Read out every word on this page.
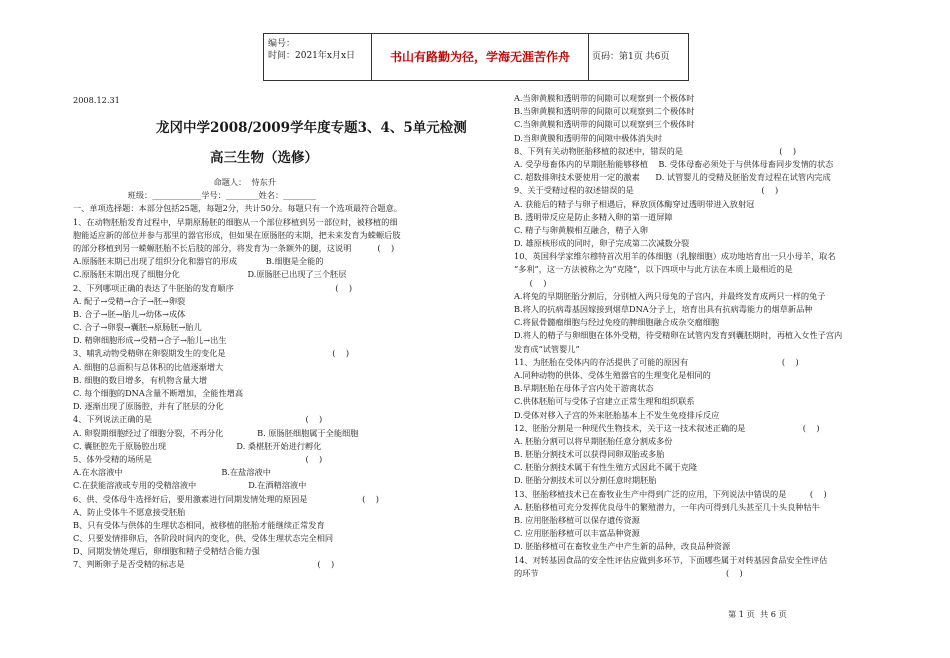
编号：
时间：2021年x月x日	书山有路勤为径，学海无涯苦作舟	页码：第1页 共6页
2008.12.31
龙冈中学2008/2009学年度专题3、4、5单元检测
高三生物（选修）
命题人：  恃东升
班级：____________学号：________姓名：________
一、单项选择题：本部分包括25题，每题2分，共计50分。每题只有一个选项最符合题意。
1、在动物胚胎发育过程中，早期原肠胚的细胞从一个部位移植到另一部位时，被移植的细
胞能适应新的部位并参与那里的器官形成，但如果在原肠胚的末期，把未来发育为蝾螈后肢
的部分移植到另一蝾螈胚胎不长后肢的部分，将发育为一条额外的腿，这说明          (    )
A.原肠胚末期已出现了组织分化和器官的形成           B.细胞是全能的
C.原肠胚末期出现了细胞分化                          D.原肠胚已出现了三个胚层
2、下列哪项正确的表达了牛胚胎的发育顺序                                       (    )
A. 配子→受精→合子→胚→卵裂
B. 合子→胚→胎儿→幼体→成体
C. 合子→卵裂→囊胚→原肠胚→胎儿
D. 精卵细胞形成→受精→合子→胎儿→出生
3、哺乳动物受精卵在卵裂期发生的变化是                                         (    )
A. 细胞的总面积与总体积的比值逐渐增大
B. 细胞的数目增多，有机物含量大增
C. 每个细胞的DNA含量不断增加，全能性增高
D. 逐渐出现了原肠腔，并有了胚层的分化
4、下列说法正确的是                                                           (    )
A. 卵裂期细胞经过了细胞分裂，不再分化             B. 原肠胚细胞属于全能细胞
C. 囊胚腔先于原肠腔出现                           D. 桑椹胚开始进行孵化
5、体外受精的场所是                                                           (    )
A.在水溶液中                                      B.在盐溶液中
C.在获能溶液或专用的受精溶液中                    D.在酒精溶液中
6、供、受体母牛选择好后，要用激素进行同期发情处理的原因是                     (    )
A、防止受体牛不愿意接受胚胎
B、只有受体与供体的生理状态相同，被移植的胚胎才能继续正常发育
C、只要发情排卵后，各阶段时间内的变化，供、受体生理状态完全相同
D、同期发情处理后，卵细胞和精子受精结合能力强
7、判断卵子是否受精的标志是                                                   (    )
A.当卵黄膜和透明带的间隙可以观察到一个极体时
B.当卵黄膜和透明带的间隙可以观察到二个极体时
C.当卵黄膜和透明带的间隙可以观察到三个极体时
D.当卵黄膜和透明带的间隙中极体消失时
8、下列有关动物胚胎移植的叙述中，错误的是                                     (    )
A. 受孕母畜体内的早期胚胎能够移植    B. 受体母畜必须处于与供体母畜同步发情的状态
C. 超数排卵技术要使用一定的激素      D. 试管婴儿的受精及胚胎发育过程在试管内完成
9、关于受精过程的叙述错误的是                                                 (    )
A. 获能后的精子与卵子相遇后，释放顶体酶穿过透明带进入放射冠
B. 透明带反应是防止多精入卵的第一道屏障
C. 精子与卵黄膜相互融合，精子入卵
D. 雄原核形成的同时，卵子完成第二次减数分裂
10、英国科学家维尔穆特首次用羊的体细胞（乳腺细胞）成功地培育出一只小母羊，取名
“多利”，这一方法被称之为“克隆”，以下四项中与此方法在本质上最相近的是
(    )
A.将兔的早期胚胎分割后，分别植入两只母兔的子宫内，并最终发育成两只一样的兔子
B.将人的抗病毒基因嫁接到烟草DNA分子上，培育出具有抗病毒能力的烟草新品种
C.将鼠骨髓瘤细胞与经过免疫的脾细胞融合成杂交瘤细胞
D.将人的精子与卵细胞在体外受精，待受精卵在试管内发育到囊胚期时，再植入女性子宫内
发育成“试管婴儿”
11、为胚胎在受体内的存活提供了可能的原因有                                    (    )
A.同种动物的供体、受体生殖器官的生理变化是相同的
B.早期胚胎在母体子宫内处于游离状态
C.供体胚胎可与受体子宫建立正常生理和组织联系
D.受体对移入子宫的外来胚胎基本上不发生免疫排斥反应
12、胚胎分割是一种现代生物技术，关于这一技术叙述正确的是                      (    )
A. 胚胎分割可以将早期胚胎任意分割成多份
B. 胚胎分割技术可以获得同卵双胎或多胎
C. 胚胎分割技术属于有性生殖方式因此不属于克隆
D. 胚胎分割技术可以分割任意时期胚胎
13、胚胎移植技术已在畜牧业生产中得到广泛的应用，下列说法中错误的是         (    )
A. 胚胎移植可充分发挥优良母牛的繁殖潜力，一年内可得到几头甚至几十头良种牯牛
B. 应用胚胎移植可以保存遗传资源
C. 应用胚胎移植可以丰富品种资源
D. 胚胎移植可在畜牧业生产中产生新的品种，改良品种资源
14、对转基因食品的安全性评估应做到多环节，下面哪些属于对转基因食品安全性评估
的环节                                                                        (    )
第 1 页  共 6 页
